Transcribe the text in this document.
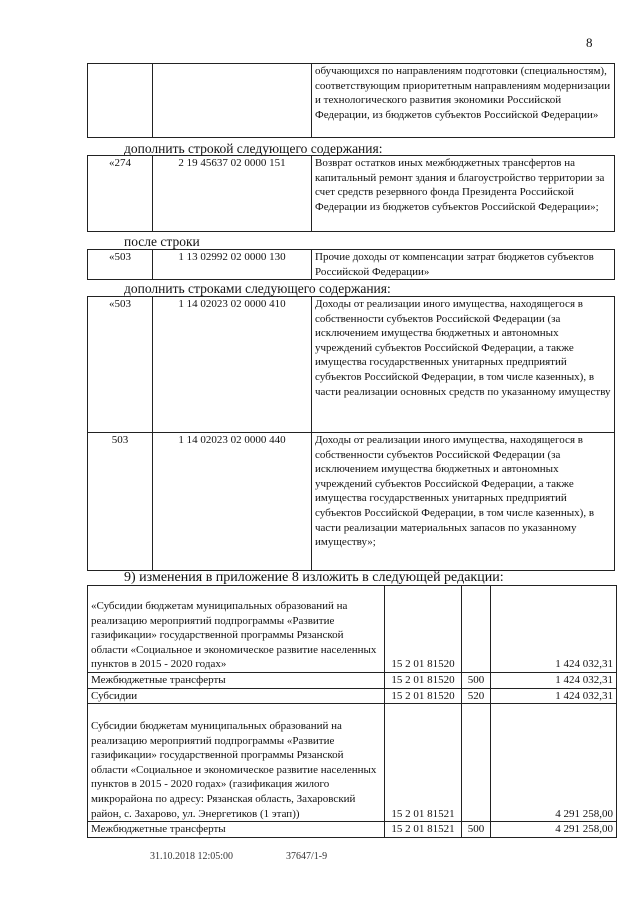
8
		обучающихся по направлениям подготовки (специальностям), соответствующим приоритетным направлениям модернизации и технологического развития экономики Российской Федерации, из бюджетов субъектов Российской Федерации»
дополнить строкой следующего содержания:
«274	2 19 45637 02 0000 151	Возврат остатков иных межбюджетных трансфертов на капитальный ремонт здания и благоустройство территории за счет средств резервного фонда Президента Российской Федерации из бюджетов субъектов Российской Федерации»;
после строки
«503	1 13 02992 02 0000 130	Прочие доходы от компенсации затрат бюджетов субъектов Российской Федерации»
дополнить строками следующего содержания:
«503	1 14 02023 02 0000 410	Доходы от реализации иного имущества, находящегося в собственности субъектов Российской Федерации (за исключением имущества бюджетных и автономных учреждений субъектов Российской Федерации, а также имущества государственных унитарных предприятий субъектов Российской Федерации, в том числе казенных), в части реализации основных средств по указанному имуществу
503	1 14 02023 02 0000 440	Доходы от реализации иного имущества, находящегося в собственности субъектов Российской Федерации (за исключением имущества бюджетных и автономных учреждений субъектов Российской Федерации, а также имущества государственных унитарных предприятий субъектов Российской Федерации, в том числе казенных), в части реализации материальных запасов по указанному имуществу»;
9) изменения в приложение 8 изложить в следующей редакции:
«Субсидии бюджетам муниципальных образований на реализацию мероприятий подпрограммы «Развитие газификации» государственной программы Рязанской области «Социальное и экономическое развитие населенных пунктов в 2015 - 2020 годах»	15 2 01 81520		1 424 032,31
Межбюджетные трансферты	15 2 01 81520	500	1 424 032,31
Субсидии	15 2 01 81520	520	1 424 032,31
Субсидии бюджетам муниципальных образований на реализацию мероприятий подпрограммы «Развитие газификации» государственной программы Рязанской области «Социальное и экономическое развитие населенных пунктов в 2015 - 2020 годах» (газификация жилого микрорайона по адресу: Рязанская область, Захаровский район, с. Захарово, ул. Энергетиков (1 этап))	15 2 01 81521		4 291 258,00
Межбюджетные трансферты	15 2 01 81521	500	4 291 258,00
31.10.2018 12:05:00	37647/1-9
